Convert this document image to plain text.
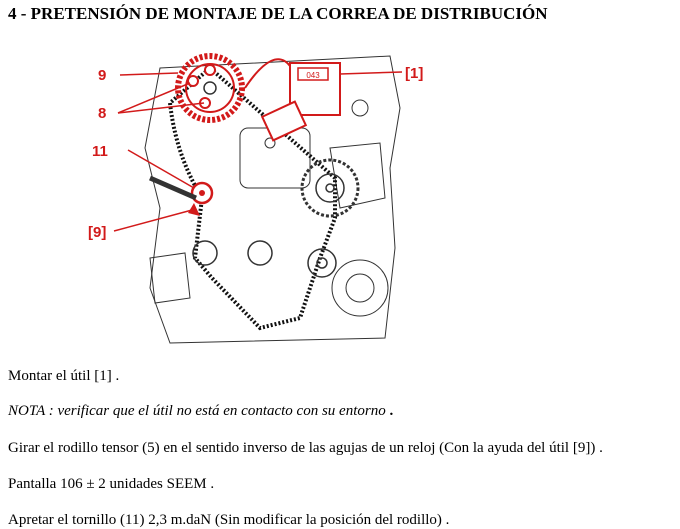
4 - PRETENSIÓN DE MONTAJE DE LA CORREA DE DISTRIBUCIÓN
043
9
8
11
[9]
[1]

Montar el útil [1] .

NOTA : verificar que el útil no está en contacto con su entorno .

Girar el rodillo tensor (5) en el sentido inverso de las agujas de un reloj (Con la ayuda del útil [9]) .

Pantalla 106 ± 2 unidades SEEM .

Apretar el tornillo (11) 2,3 m.daN (Sin modificar la posición del rodillo) .
